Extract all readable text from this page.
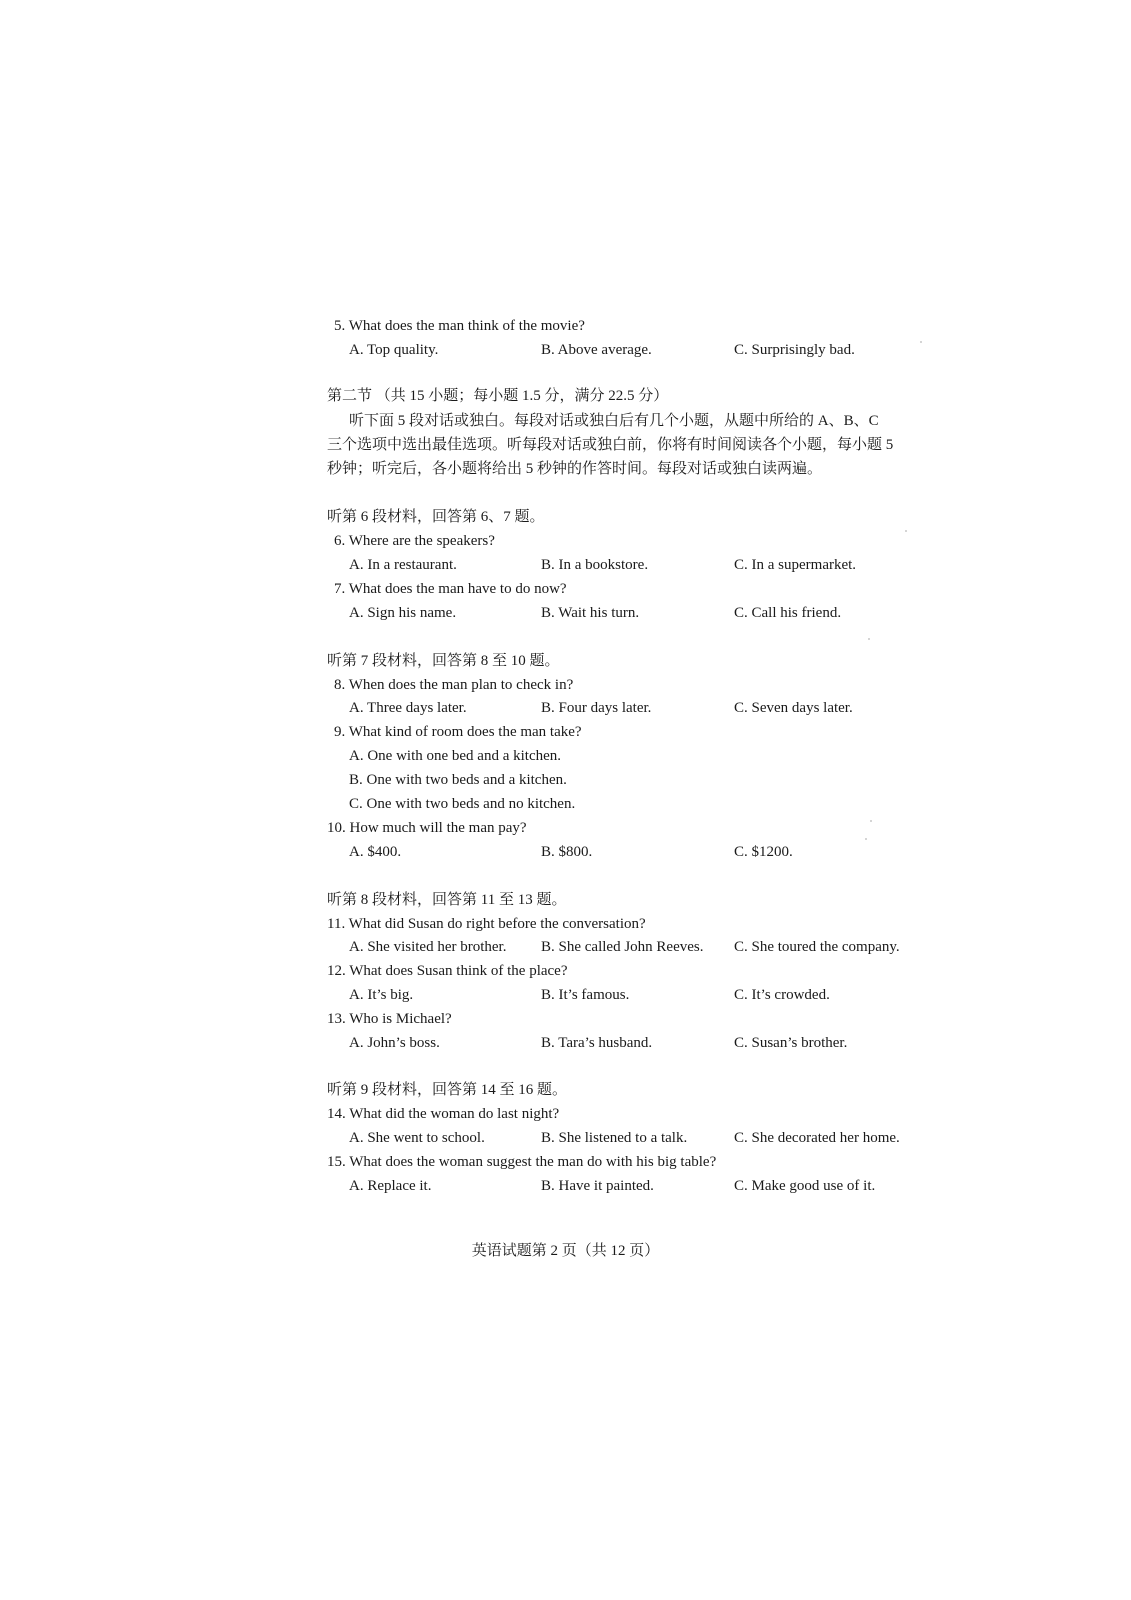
5. What does the man think of the movie?
A. Top quality.	B. Above average.	C. Surprisingly bad.
第二节 （共 15 小题；每小题 1.5 分，满分 22.5 分）
听下面 5 段对话或独白。每段对话或独白后有几个小题，从题中所给的 A、B、C
三个选项中选出最佳选项。听每段对话或独白前，你将有时间阅读各个小题，每小题 5
秒钟；听完后，各小题将给出 5 秒钟的作答时间。每段对话或独白读两遍。
听第 6 段材料，回答第 6、7 题。
6. Where are the speakers?
A. In a restaurant.	B. In a bookstore.	C. In a supermarket.
7. What does the man have to do now?
A. Sign his name.	B. Wait his turn.	C. Call his friend.
听第 7 段材料，回答第 8 至 10 题。
8. When does the man plan to check in?
A. Three days later.	B. Four days later.	C. Seven days later.
9. What kind of room does the man take?
A. One with one bed and a kitchen.
B. One with two beds and a kitchen.
C. One with two beds and no kitchen.
10. How much will the man pay?
A. $400.	B. $800.	C. $1200.
听第 8 段材料，回答第 11 至 13 题。
11. What did Susan do right before the conversation?
A. She visited her brother. B. She called John Reeves. C. She toured the company.
12. What does Susan think of the place?
A. It’s big.	B. It’s famous.	C. It’s crowded.
13. Who is Michael?
A. John’s boss.	B. Tara’s husband.	C. Susan’s brother.
听第 9 段材料，回答第 14 至 16 题。
14. What did the woman do last night?
A. She went to school.	B. She listened to a talk.	C. She decorated her home.
15. What does the woman suggest the man do with his big table?
A. Replace it.	B. Have it painted.	C. Make good use of it.
英语试题第 2 页（共 12 页）
